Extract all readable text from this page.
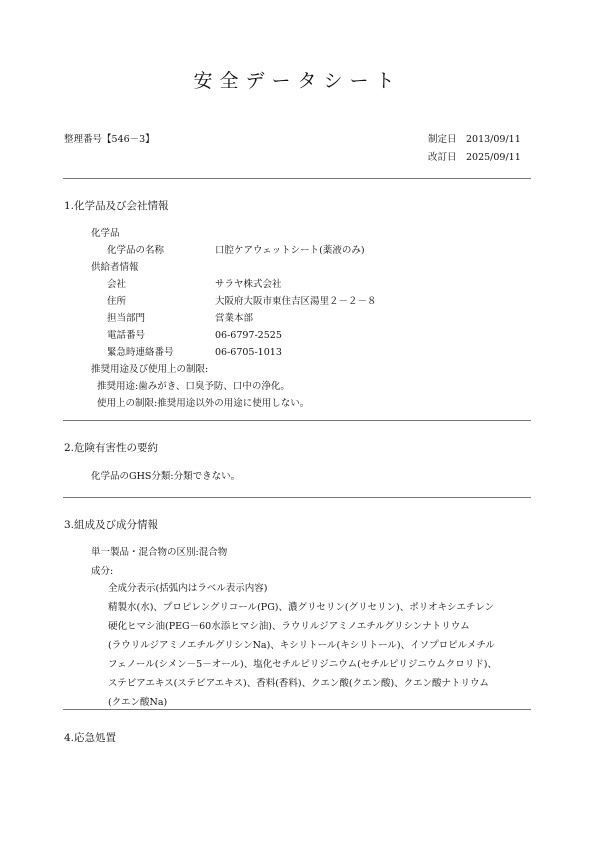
安全データシート
整理番号【546－3】	制定日 2013/09/11
改訂日 2025/09/11
1.化学品及び会社情報
化学品
化学品の名称	口腔ケアウェットシート(薬液のみ)
供給者情報
会社	サラヤ株式会社
住所	大阪府大阪市東住吉区湯里２－２－８
担当部門	営業本部
電話番号	06-6797-2525
緊急時連絡番号	06-6705-1013
推奨用途及び使用上の制限:
推奨用途:歯みがき、口臭予防、口中の浄化。
使用上の制限:推奨用途以外の用途に使用しない。
2.危険有害性の要約
化学品のGHS分類:分類できない。
3.組成及び成分情報
単一製品・混合物の区別:混合物
成分:
全成分表示(括弧内はラベル表示内容)
精製水(水)、プロピレングリコール(PG)、濃グリセリン(グリセリン)、ポリオキシエチレン
硬化ヒマシ油(PEG－60水添ヒマシ油)、ラウリルジアミノエチルグリシンナトリウム
(ラウリルジアミノエチルグリシンNa)、キシリトール(キシリトール)、イソプロピルメチル
フェノール(シメン－5－オール)、塩化セチルピリジニウム(セチルピリジニウムクロリド)、
ステビアエキス(ステビアエキス)、香料(香料)、クエン酸(クエン酸)、クエン酸ナトリウム
(クエン酸Na)
4.応急処置
